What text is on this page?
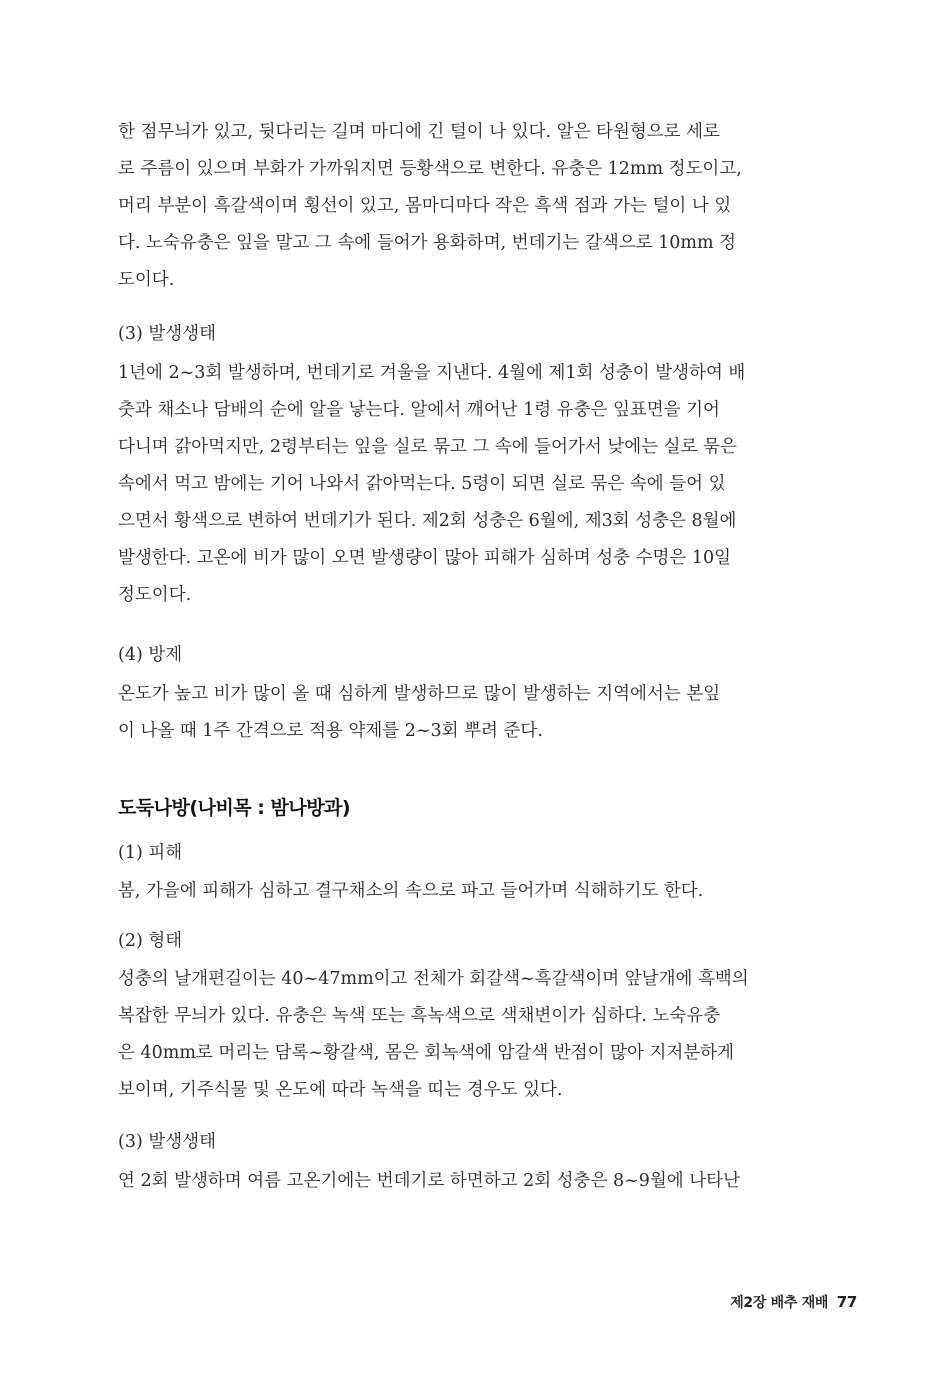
한 점무늬가 있고, 뒷다리는 길며 마디에 긴 털이 나 있다. 알은 타원형으로 세로
로 주름이 있으며 부화가 가까워지면 등황색으로 변한다. 유충은 12mm 정도이고,
머리 부분이 흑갈색이며 횡선이 있고, 몸마디마다 작은 흑색 점과 가는 털이 나 있
다. 노숙유충은 잎을 말고 그 속에 들어가 용화하며, 번데기는 갈색으로 10mm 정
도이다.

(3) 발생생태

1년에 2~3회 발생하며, 번데기로 겨울을 지낸다. 4월에 제1회 성충이 발생하여 배
춧과 채소나 담배의 순에 알을 낳는다. 알에서 깨어난 1령 유충은 잎표면을 기어
다니며 갉아먹지만, 2령부터는 잎을 실로 묶고 그 속에 들어가서 낮에는 실로 묶은
속에서 먹고 밤에는 기어 나와서 갉아먹는다. 5령이 되면 실로 묶은 속에 들어 있
으면서 황색으로 변하여 번데기가 된다. 제2회 성충은 6월에, 제3회 성충은 8월에
발생한다. 고온에 비가 많이 오면 발생량이 많아 피해가 심하며 성충 수명은 10일
정도이다.

(4) 방제

온도가 높고 비가 많이 올 때 심하게 발생하므로 많이 발생하는 지역에서는 본잎
이 나올 때 1주 간격으로 적용 약제를 2~3회 뿌려 준다.

도둑나방(나비목 : 밤나방과)

(1) 피해

봄, 가을에 피해가 심하고 결구채소의 속으로 파고 들어가며 식해하기도 한다.

(2) 형태

성충의 날개편길이는 40~47mm이고 전체가 회갈색~흑갈색이며 앞날개에 흑백의
복잡한 무늬가 있다. 유충은 녹색 또는 흑녹색으로 색채변이가 심하다. 노숙유충
은 40mm로 머리는 담록~황갈색, 몸은 회녹색에 암갈색 반점이 많아 지저분하게
보이며, 기주식물 및 온도에 따라 녹색을 띠는 경우도 있다.

(3) 발생생태

연 2회 발생하며 여름 고온기에는 번데기로 하면하고 2회 성충은 8~9월에 나타난

제2장 배추 재배 77
